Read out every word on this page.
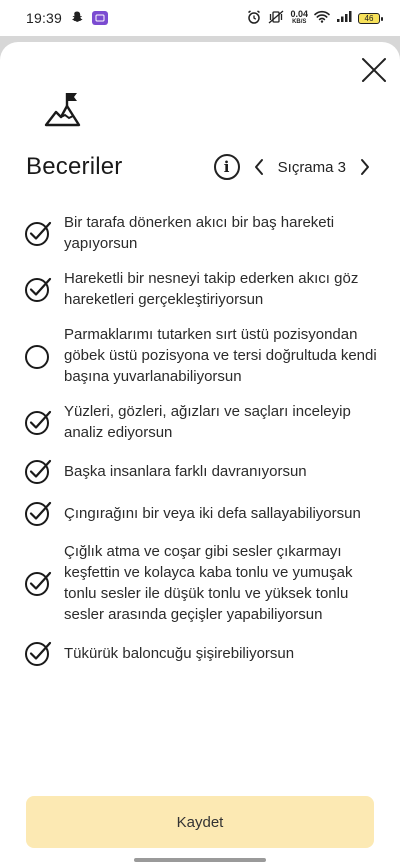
19:39	0.04
KB/S	46
Beceriler	i	Sıçrama 3
Bir tarafa dönerken akıcı bir baş hareketi yapıyorsun
Hareketli bir nesneyi takip ederken akıcı göz hareketleri gerçekleştiriyorsun
Parmaklarımı tutarken sırt üstü pozisyondan göbek üstü pozisyona ve tersi doğrultuda kendi başına yuvarlanabiliyorsun
Yüzleri, gözleri, ağızları ve saçları inceleyip analiz ediyorsun
Başka insanlara farklı davranıyorsun
Çıngırağını bir veya iki defa sallayabiliyorsun
Çığlık atma ve coşar gibi sesler çıkarmayı keşfettin ve kolayca kaba tonlu ve yumuşak tonlu sesler ile düşük tonlu ve yüksek tonlu sesler arasında geçişler yapabiliyorsun
Tükürük baloncuğu şişirebiliyorsun
Kaydet
